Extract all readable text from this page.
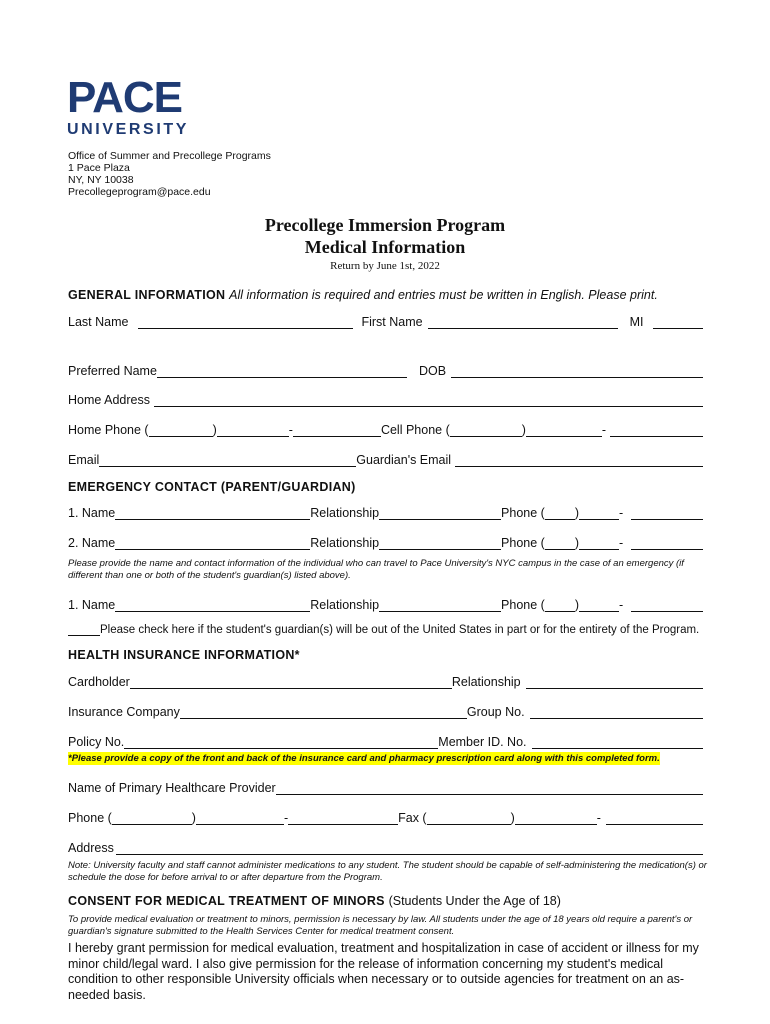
PACE
UNIVERSITY
Office of Summer and Precollege Programs
1 Pace Plaza
NY, NY 10038
Precollegeprogram@pace.edu
Precollege Immersion Program
Medical Information
Return by June 1st, 2022
GENERAL INFORMATION All information is required and entries must be written in English. Please print.
Last Name	First Name	MI
Preferred Name	DOB
Home Address
Home Phone (	)	-	Cell Phone (	)	-
Email	Guardian's Email
EMERGENCY CONTACT (PARENT/GUARDIAN)
1. Name	Relationship	Phone ( )	-
2. Name	Relationship	Phone ( )	-
Please provide the name and contact information of the individual who can travel to Pace University's NYC campus in the case of an emergency (if different than one or both of the student's guardian(s) listed above).
1. Name	Relationship	Phone ( )	-
Please check here if the student's guardian(s) will be out of the United States in part or for the entirety of the Program.
HEALTH INSURANCE INFORMATION*
Cardholder	Relationship
Insurance Company	Group No.
Policy No.	Member ID. No.
*Please provide a copy of the front and back of the insurance card and pharmacy prescription card along with this completed form.
Name of Primary Healthcare Provider
Phone (	)	-	Fax (	)	-
Address
Note: University faculty and staff cannot administer medications to any student. The student should be capable of self-administering the medication(s) or schedule the dose for before arrival to or after departure from the Program.
CONSENT FOR MEDICAL TREATMENT OF MINORS (Students Under the Age of 18)
To provide medical evaluation or treatment to minors, permission is necessary by law. All students under the age of 18 years old require a parent's or guardian's signature submitted to the Health Services Center for medical treatment consent.
I hereby grant permission for medical evaluation, treatment and hospitalization in case of accident or illness for my minor child/legal ward. I also give permission for the release of information concerning my student's medical condition to other responsible University officials when necessary or to outside agencies for treatment on an as-needed basis.
